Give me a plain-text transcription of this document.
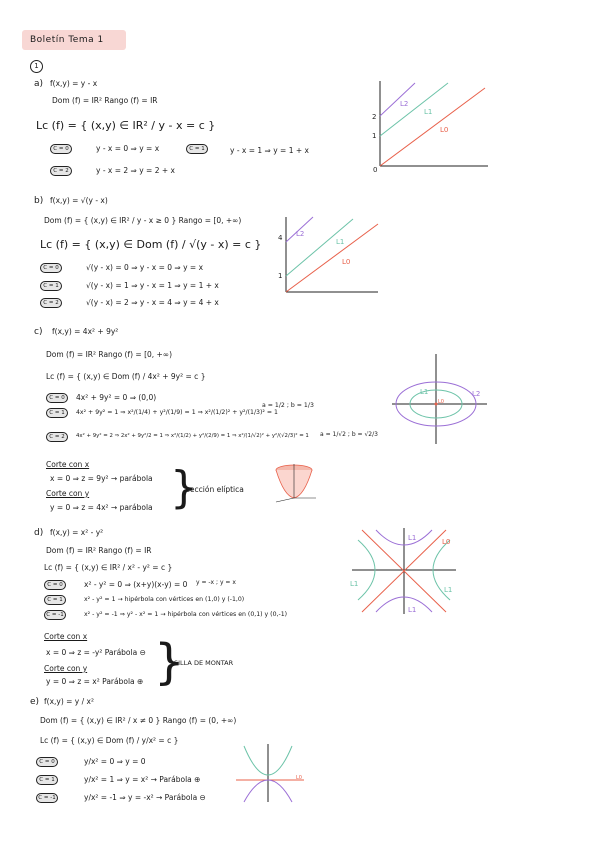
Boletín Tema 1
1
a) f(x,y) = y - x
Dom (f) = IR² Rango (f) = IR
Lc (f) = { (x,y) ∈ IR² / y - x = c }
C = 0	y - x = 0 ⇒ y = x	C = 1	y - x = 1 ⇒ y = 1 + x
C = 2	y - x = 2 ⇒ y = 2 + x
L2
L1
L0
2
1
0
b) f(x,y) = √(y - x)
Dom (f) = { (x,y) ∈ IR² / y - x ≥ 0 } Rango = [0, +∞)
Lc (f) = { (x,y) ∈ Dom (f) / √(y - x) = c }
C = 0	√(y - x) = 0 ⇒ y - x = 0 ⇒ y = x
C = 1	√(y - x) = 1 ⇒ y - x = 1 ⇒ y = 1 + x
C = 2	√(y - x) = 2 ⇒ y - x = 4 ⇒ y = 4 + x
L2
L1
L0
4
1
c) f(x,y) = 4x² + 9y²
Dom (f) = IR² Rango (f) = [0, +∞)
Lc (f) = { (x,y) ∈ Dom (f) / 4x² + 9y² = c }
C = 0	4x² + 9y² = 0 ⇒ (0,0)
C = 1	4x² + 9y² = 1 ⇒ x²/(1/4) + y²/(1/9) = 1 ⇒ x²/(1/2)² + y²/(1/3)² = 1
a = 1/2 ; b = 1/3
C = 2	4x² + 9y² = 2 ⇒ 2x² + 9y²/2 = 1 ⇒ x²/(1/2) + y²/(2/9) = 1 ⇒ x²/(1/√2)² + y²/(√2/3)² = 1 a = 1/√2 ; b = √2/3
Corte con x
x = 0 ⇒ z = 9y² → parábola
Corte con y
y = 0 ⇒ z = 4x² → parábola }
sección elíptica
L2
L1
L0
d) f(x,y) = x² - y²
Dom (f) = IR² Rango (f) = IR
Lc (f) = { (x,y) ∈ IR² / x² - y² = c }
C = 0	x² - y² = 0 ⇒ (x+y)(x-y) = 0 y = -x ; y = x
C = 1	x² - y² = 1 → hipérbola con vértices en (1,0) y (-1,0)
C = -1	x² - y² = -1 ⇒ y² - x² = 1 → hipérbola con vértices en (0,1) y (0,-1)
Corte con x
x = 0 ⇒ z = -y² Parábola ⊖
Corte con y
y = 0 ⇒ z = x² Parábola ⊕ }
SILLA DE MONTAR
L1
L1
L1
L1
L0
e) f(x,y) = y / x²
Dom (f) = { (x,y) ∈ IR² / x ≠ 0 } Rango (f) = (0, +∞)
Lc (f) = { (x,y) ∈ Dom (f) / y/x² = c }
C = 0	y/x² = 0 ⇒ y = 0
C = 1	y/x² = 1 ⇒ y = x² → Parábola ⊕
C = -1	y/x² = -1 ⇒ y = -x² → Parábola ⊖
L0
